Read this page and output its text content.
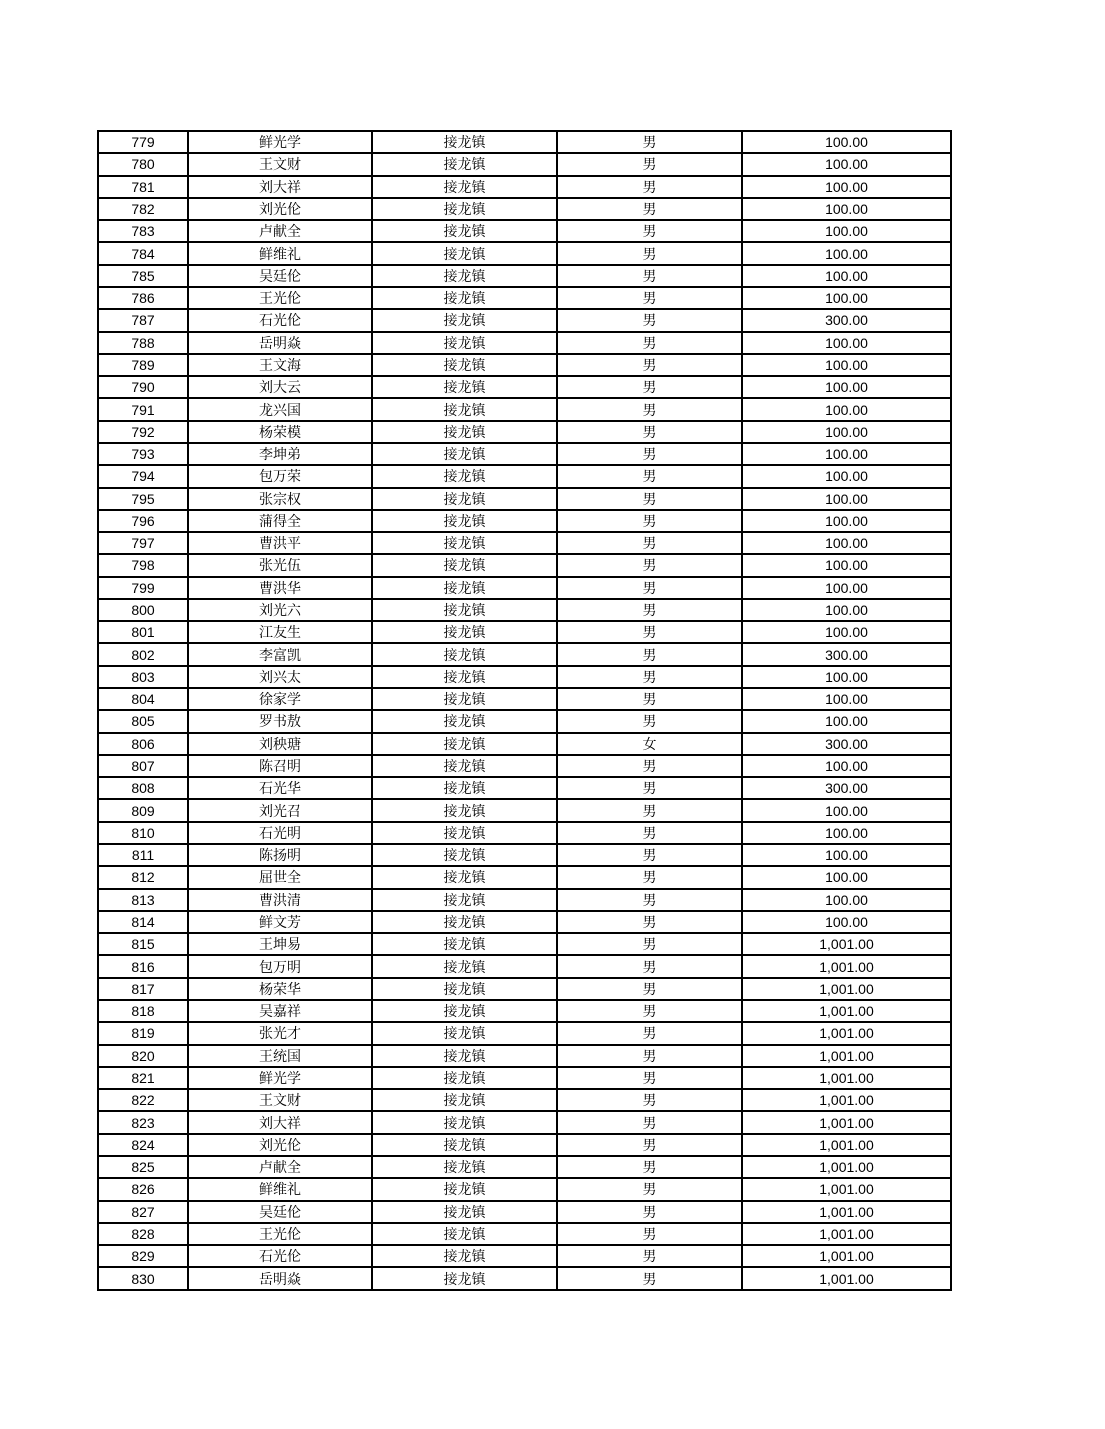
779	鲜光学	接龙镇	男	100.00
780	王文财	接龙镇	男	100.00
781	刘大祥	接龙镇	男	100.00
782	刘光伦	接龙镇	男	100.00
783	卢献全	接龙镇	男	100.00
784	鲜维礼	接龙镇	男	100.00
785	吴廷伦	接龙镇	男	100.00
786	王光伦	接龙镇	男	100.00
787	石光伦	接龙镇	男	300.00
788	岳明焱	接龙镇	男	100.00
789	王文海	接龙镇	男	100.00
790	刘大云	接龙镇	男	100.00
791	龙兴国	接龙镇	男	100.00
792	杨荣模	接龙镇	男	100.00
793	李坤弟	接龙镇	男	100.00
794	包万荣	接龙镇	男	100.00
795	张宗权	接龙镇	男	100.00
796	蒲得全	接龙镇	男	100.00
797	曹洪平	接龙镇	男	100.00
798	张光伍	接龙镇	男	100.00
799	曹洪华	接龙镇	男	100.00
800	刘光六	接龙镇	男	100.00
801	江友生	接龙镇	男	100.00
802	李富凯	接龙镇	男	300.00
803	刘兴太	接龙镇	男	100.00
804	徐家学	接龙镇	男	100.00
805	罗书敖	接龙镇	男	100.00
806	刘秧瑭	接龙镇	女	300.00
807	陈召明	接龙镇	男	100.00
808	石光华	接龙镇	男	300.00
809	刘光召	接龙镇	男	100.00
810	石光明	接龙镇	男	100.00
811	陈扬明	接龙镇	男	100.00
812	屈世全	接龙镇	男	100.00
813	曹洪清	接龙镇	男	100.00
814	鲜文芳	接龙镇	男	100.00
815	王坤易	接龙镇	男	1,001.00
816	包万明	接龙镇	男	1,001.00
817	杨荣华	接龙镇	男	1,001.00
818	吴嘉祥	接龙镇	男	1,001.00
819	张光才	接龙镇	男	1,001.00
820	王统国	接龙镇	男	1,001.00
821	鲜光学	接龙镇	男	1,001.00
822	王文财	接龙镇	男	1,001.00
823	刘大祥	接龙镇	男	1,001.00
824	刘光伦	接龙镇	男	1,001.00
825	卢献全	接龙镇	男	1,001.00
826	鲜维礼	接龙镇	男	1,001.00
827	吴廷伦	接龙镇	男	1,001.00
828	王光伦	接龙镇	男	1,001.00
829	石光伦	接龙镇	男	1,001.00
830	岳明焱	接龙镇	男	1,001.00
